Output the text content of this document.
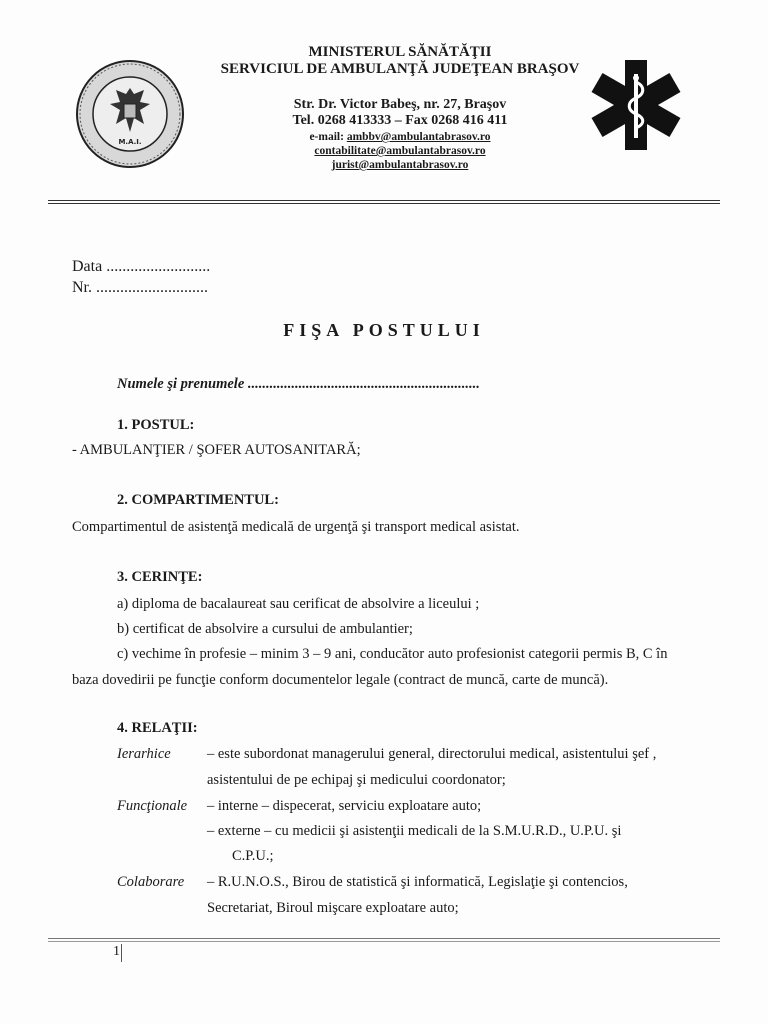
M.A.I.
MINISTERUL SĂNĂTĂŢII
SERVICIUL DE AMBULANŢĂ JUDEŢEAN BRAŞOV
Str. Dr. Victor Babeş, nr. 27, Braşov
Tel. 0268 413333 – Fax 0268 416 411
e-mail: ambbv@ambulantabrasov.ro
contabilitate@ambulantabrasov.ro
jurist@ambulantabrasov.ro
Data ..........................
Nr. ............................
FIŞA POSTULUI
Numele şi prenumele ................................................................
1. POSTUL:
- AMBULANŢIER / ŞOFER AUTOSANITARĂ;
2. COMPARTIMENTUL:
Compartimentul de asistenţă medicală de urgenţă şi transport medical asistat.
3. CERINŢE:
a) diploma de bacalaureat sau cerificat de absolvire a liceului ;
b) certificat de absolvire a cursului de ambulantier;
c) vechime în profesie – minim 3 – 9 ani, conducător auto profesionist categorii permis B, C în
baza dovedirii pe funcţie conform documentelor legale (contract de muncă, carte de muncă).
4. RELAŢII:
Ierarhice	– este subordonat managerului general, directorului medical, asistentului şef ,
asistentului de pe echipaj şi medicului coordonator;
Funcţionale – interne – dispecerat, serviciu exploatare auto;
– externe – cu medicii şi asistenţii medicali de la S.M.U.R.D., U.P.U. şi
C.P.U.;
Colaborare – R.U.N.O.S., Birou de statistică şi informatică, Legislaţie şi contencios,
Secretariat, Biroul mişcare exploatare auto;
1
